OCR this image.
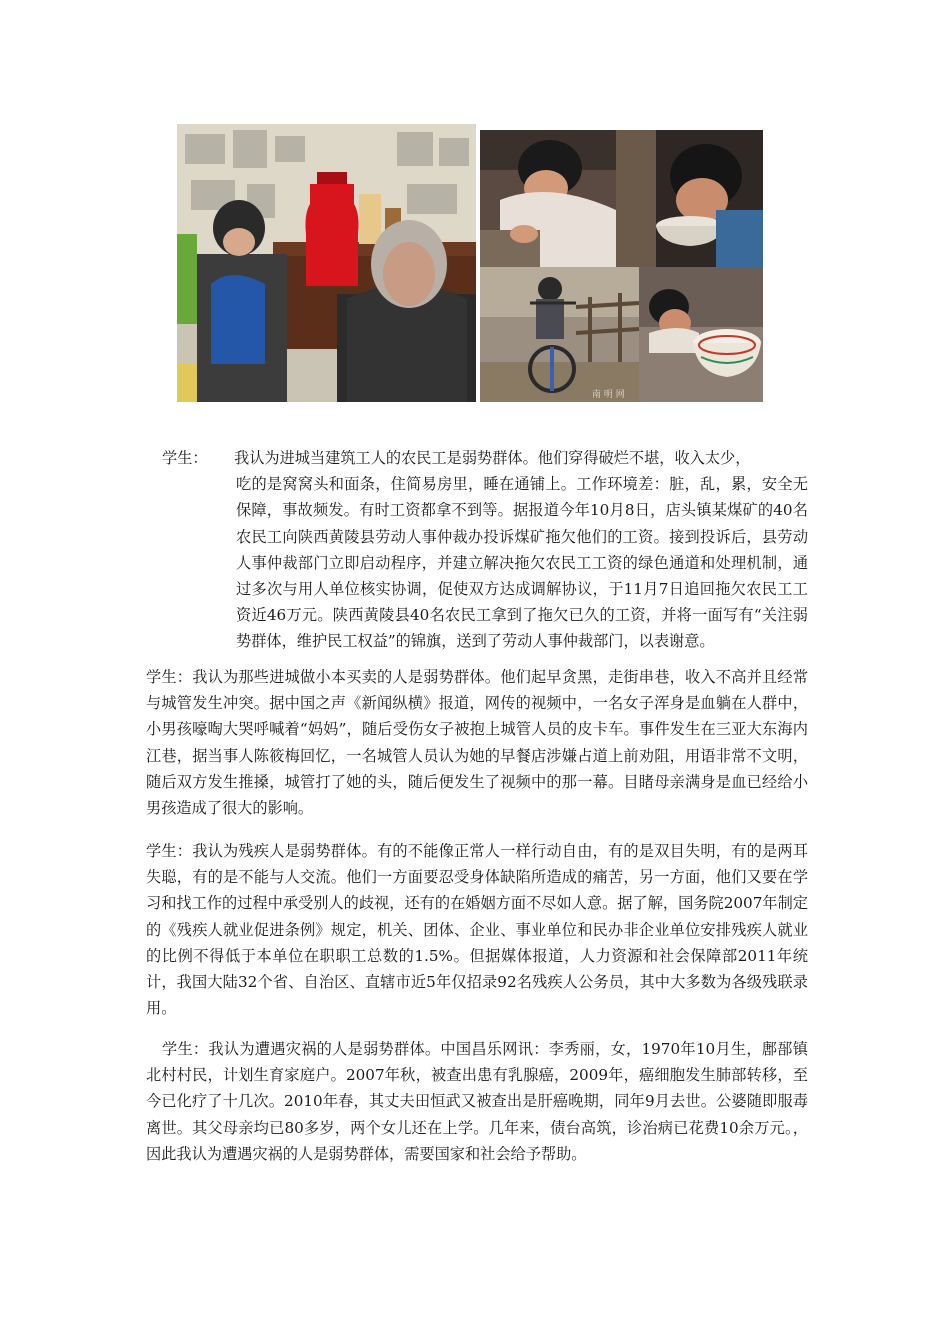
南 明 网
学生： 我认为进城当建筑工人的农民工是弱势群体。他们穿得破烂不堪，收入太少，
吃的是窝窝头和面条，住简易房里，睡在通铺上。工作环境差：脏，乱，累，安全无保障，事故频发。有时工资都拿不到等。据报道今年10月8日，店头镇某煤矿的40名农民工向陕西黄陵县劳动人事仲裁办投诉煤矿拖欠他们的工资。接到投诉后，县劳动人事仲裁部门立即启动程序，并建立解决拖欠农民工工资的绿色通道和处理机制，通过多次与用人单位核实协调，促使双方达成调解协议，于11月7日追回拖欠农民工工资近46万元。陕西黄陵县40名农民工拿到了拖欠已久的工资，并将一面写有“关注弱势群体，维护民工权益”的锦旗，送到了劳动人事仲裁部门，以表谢意。

学生：我认为那些进城做小本买卖的人是弱势群体。他们起早贪黑，走街串巷，收入不高并且经常与城管发生冲突。据中国之声《新闻纵横》报道，网传的视频中，一名女子浑身是血躺在人群中，小男孩嚎啕大哭呼喊着“妈妈”，随后受伤女子被抱上城管人员的皮卡车。事件发生在三亚大东海内江巷，据当事人陈筱梅回忆，一名城管人员认为她的早餐店涉嫌占道上前劝阻，用语非常不文明，随后双方发生推搡，城管打了她的头，随后便发生了视频中的那一幕。目睹母亲满身是血已经给小男孩造成了很大的影响。

学生：我认为残疾人是弱势群体。有的不能像正常人一样行动自由，有的是双目失明，有的是两耳失聪，有的是不能与人交流。他们一方面要忍受身体缺陷所造成的痛苦，另一方面，他们又要在学习和找工作的过程中承受别人的歧视，还有的在婚姻方面不尽如人意。据了解，国务院2007年制定的《残疾人就业促进条例》规定，机关、团体、企业、事业单位和民办非企业单位安排残疾人就业的比例不得低于本单位在职职工总数的1.5%。但据媒体报道，人力资源和社会保障部2011年统计，我国大陆32个省、自治区、直辖市近5年仅招录92名残疾人公务员，其中大多数为各级残联录用。

学生：我认为遭遇灾祸的人是弱势群体。中国昌乐网讯：李秀丽，女，1970年10月生，鄌郚镇北村村民，计划生育家庭户。2007年秋，被查出患有乳腺癌，2009年，癌细胞发生肺部转移，至今已化疗了十几次。2010年春，其丈夫田恒武又被查出是肝癌晚期，同年9月去世。公婆随即服毒离世。其父母亲均已80多岁，两个女儿还在上学。几年来，债台高筑，诊治病已花费10余万元。，因此我认为遭遇灾祸的人是弱势群体，需要国家和社会给予帮助。
